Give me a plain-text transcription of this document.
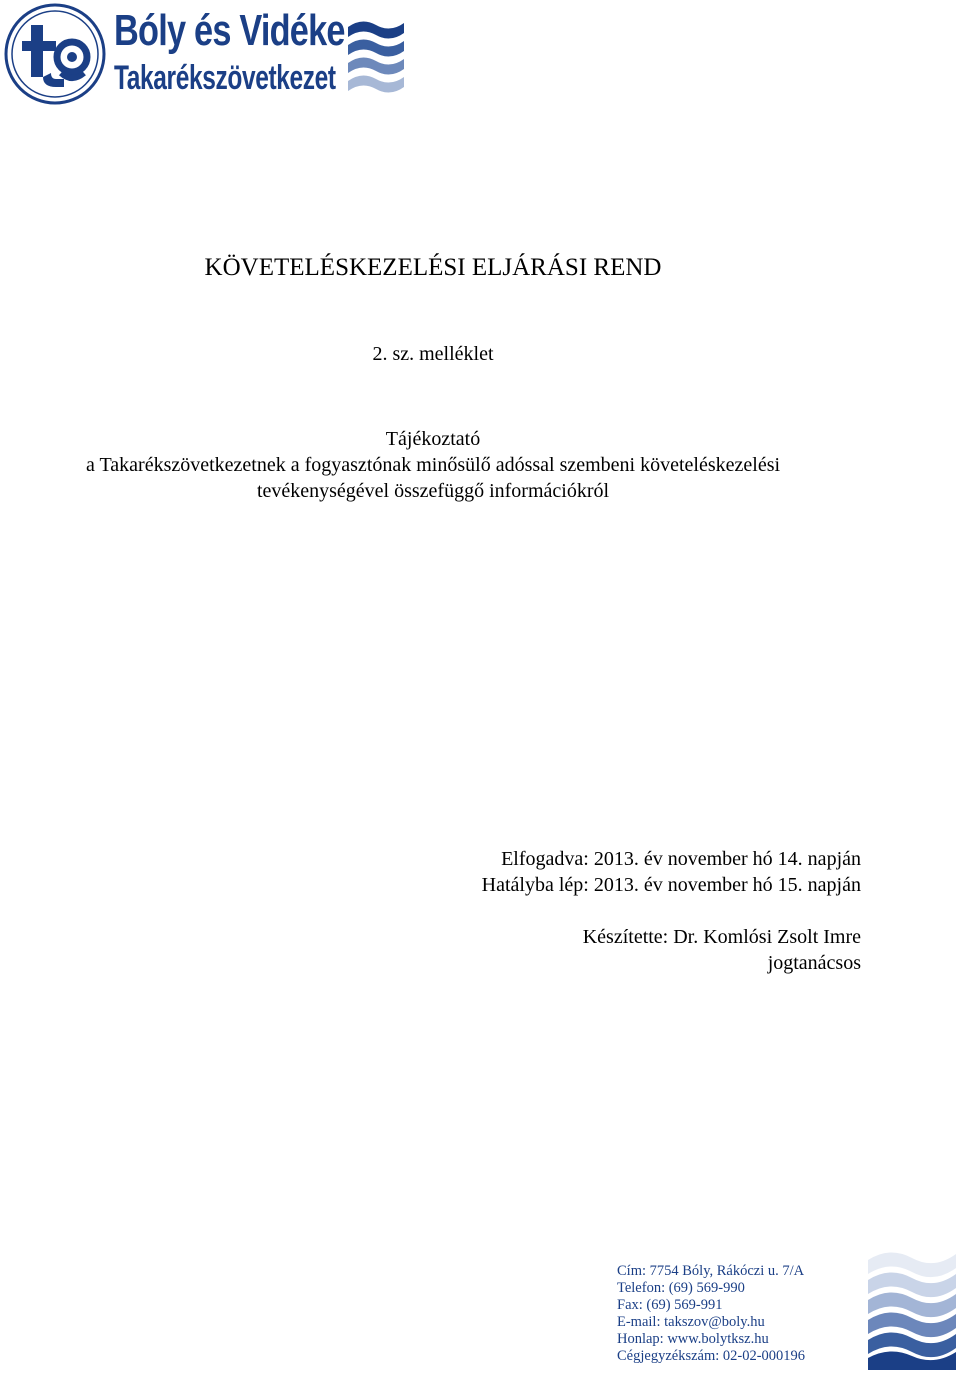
Bóly és Vidéke
Takarékszövetkezet
KÖVETELÉSKEZELÉSI ELJÁRÁSI REND
2. sz. melléklet
Tájékoztató
a Takarékszövetkezetnek a fogyasztónak minősülő adóssal szembeni követeléskezelési
tevékenységével összefüggő információkról
Elfogadva: 2013. év november hó 14. napján
Hatályba lép: 2013. év november hó 15. napján
Készítette: Dr. Komlósi Zsolt Imre
jogtanácsos
Cím: 7754 Bóly, Rákóczi u. 7/A
Telefon: (69) 569-990
Fax: (69) 569-991
E-mail: takszov@boly.hu
Honlap: www.bolytksz.hu
Cégjegyzékszám: 02-02-000196
